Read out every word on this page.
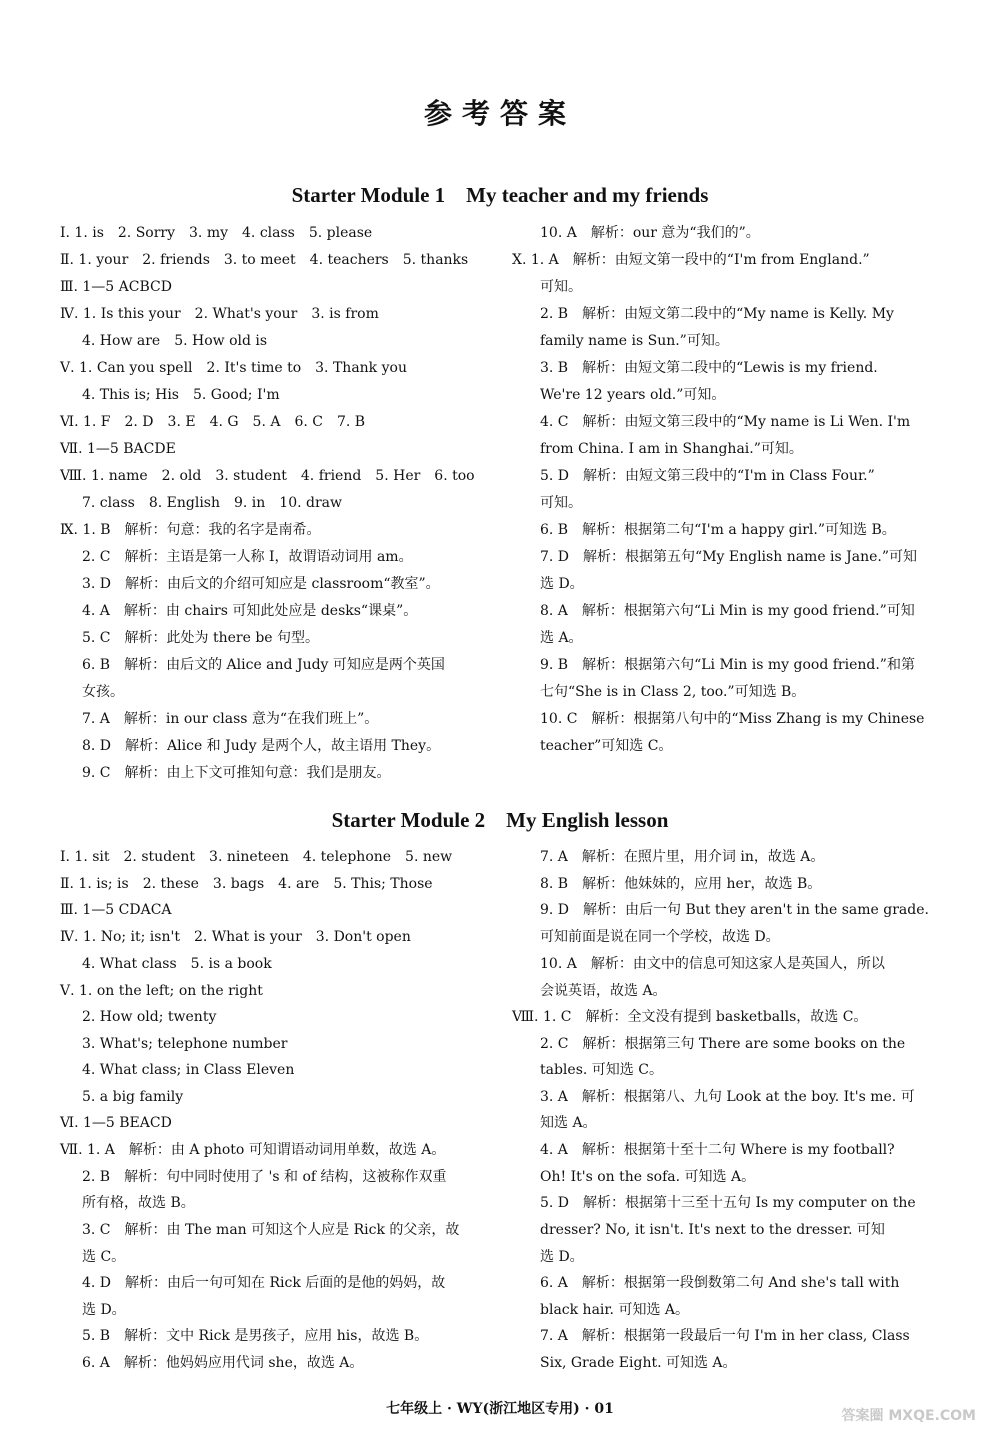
参考答案
Starter Module 1　My teacher and my friends
Ⅰ. 1. is　2. Sorry　3. my　4. class　5. please
Ⅱ. 1. your　2. friends　3. to meet　4. teachers　5. thanks
Ⅲ. 1—5 ACBCD
Ⅳ. 1. Is this your　2. What's your　3. is from
4. How are　5. How old is
Ⅴ. 1. Can you spell　2. It's time to　3. Thank you
4. This is; His　5. Good; I'm
Ⅵ. 1. F　2. D　3. E　4. G　5. A　6. C　7. B
Ⅶ. 1—5 BACDE
Ⅷ. 1. name　2. old　3. student　4. friend　5. Her　6. too
7. class　8. English　9. in　10. draw
Ⅸ. 1. B　解析：句意：我的名字是南希。
2. C　解析：主语是第一人称 I，故谓语动词用 am。
3. D　解析：由后文的介绍可知应是 classroom“教室”。
4. A　解析：由 chairs 可知此处应是 desks“课桌”。
5. C　解析：此处为 there be 句型。
6. B　解析：由后文的 Alice and Judy 可知应是两个英国
女孩。
7. A　解析：in our class 意为“在我们班上”。
8. D　解析：Alice 和 Judy 是两个人，故主语用 They。
9. C　解析：由上下文可推知句意：我们是朋友。
10. A　解析：our 意为“我们的”。
Ⅹ. 1. A　解析：由短文第一段中的“I'm from England.”
可知。
2. B　解析：由短文第二段中的“My name is Kelly. My
family name is Sun.”可知。
3. B　解析：由短文第二段中的“Lewis is my friend.
We're 12 years old.”可知。
4. C　解析：由短文第三段中的“My name is Li Wen. I'm
from China. I am in Shanghai.”可知。
5. D　解析：由短文第三段中的“I'm in Class Four.”
可知。
6. B　解析：根据第二句“I'm a happy girl.”可知选 B。
7. D　解析：根据第五句“My English name is Jane.”可知
选 D。
8. A　解析：根据第六句“Li Min is my good friend.”可知
选 A。
9. B　解析：根据第六句“Li Min is my good friend.”和第
七句“She is in Class 2, too.”可知选 B。
10. C　解析：根据第八句中的“Miss Zhang is my Chinese
teacher”可知选 C。
Starter Module 2　My English lesson
Ⅰ. 1. sit　2. student　3. nineteen　4. telephone　5. new
Ⅱ. 1. is; is　2. these　3. bags　4. are　5. This; Those
Ⅲ. 1—5 CDACA
Ⅳ. 1. No; it; isn't　2. What is your　3. Don't open
4. What class　5. is a book
Ⅴ. 1. on the left; on the right
2. How old; twenty
3. What's; telephone number
4. What class; in Class Eleven
5. a big family
Ⅵ. 1—5 BEACD
Ⅶ. 1. A　解析：由 A photo 可知谓语动词用单数，故选 A。
2. B　解析：句中同时使用了 's 和 of 结构，这被称作双重
所有格，故选 B。
3. C　解析：由 The man 可知这个人应是 Rick 的父亲，故
选 C。
4. D　解析：由后一句可知在 Rick 后面的是他的妈妈，故
选 D。
5. B　解析：文中 Rick 是男孩子，应用 his，故选 B。
6. A　解析：他妈妈应用代词 she，故选 A。
7. A　解析：在照片里，用介词 in，故选 A。
8. B　解析：他妹妹的，应用 her，故选 B。
9. D　解析：由后一句 But they aren't in the same grade.
可知前面是说在同一个学校，故选 D。
10. A　解析：由文中的信息可知这家人是英国人，所以
会说英语，故选 A。
Ⅷ. 1. C　解析：全文没有提到 basketballs，故选 C。
2. C　解析：根据第三句 There are some books on the
tables. 可知选 C。
3. A　解析：根据第八、九句 Look at the boy. It's me. 可
知选 A。
4. A　解析：根据第十至十二句 Where is my football?
Oh! It's on the sofa. 可知选 A。
5. D　解析：根据第十三至十五句 Is my computer on the
dresser? No, it isn't. It's next to the dresser. 可知
选 D。
6. A　解析：根据第一段倒数第二句 And she's tall with
black hair. 可知选 A。
7. A　解析：根据第一段最后一句 I'm in her class, Class
Six, Grade Eight. 可知选 A。
七年级上 · WY(浙江地区专用) · 01	答案圈 MXQE.COM
